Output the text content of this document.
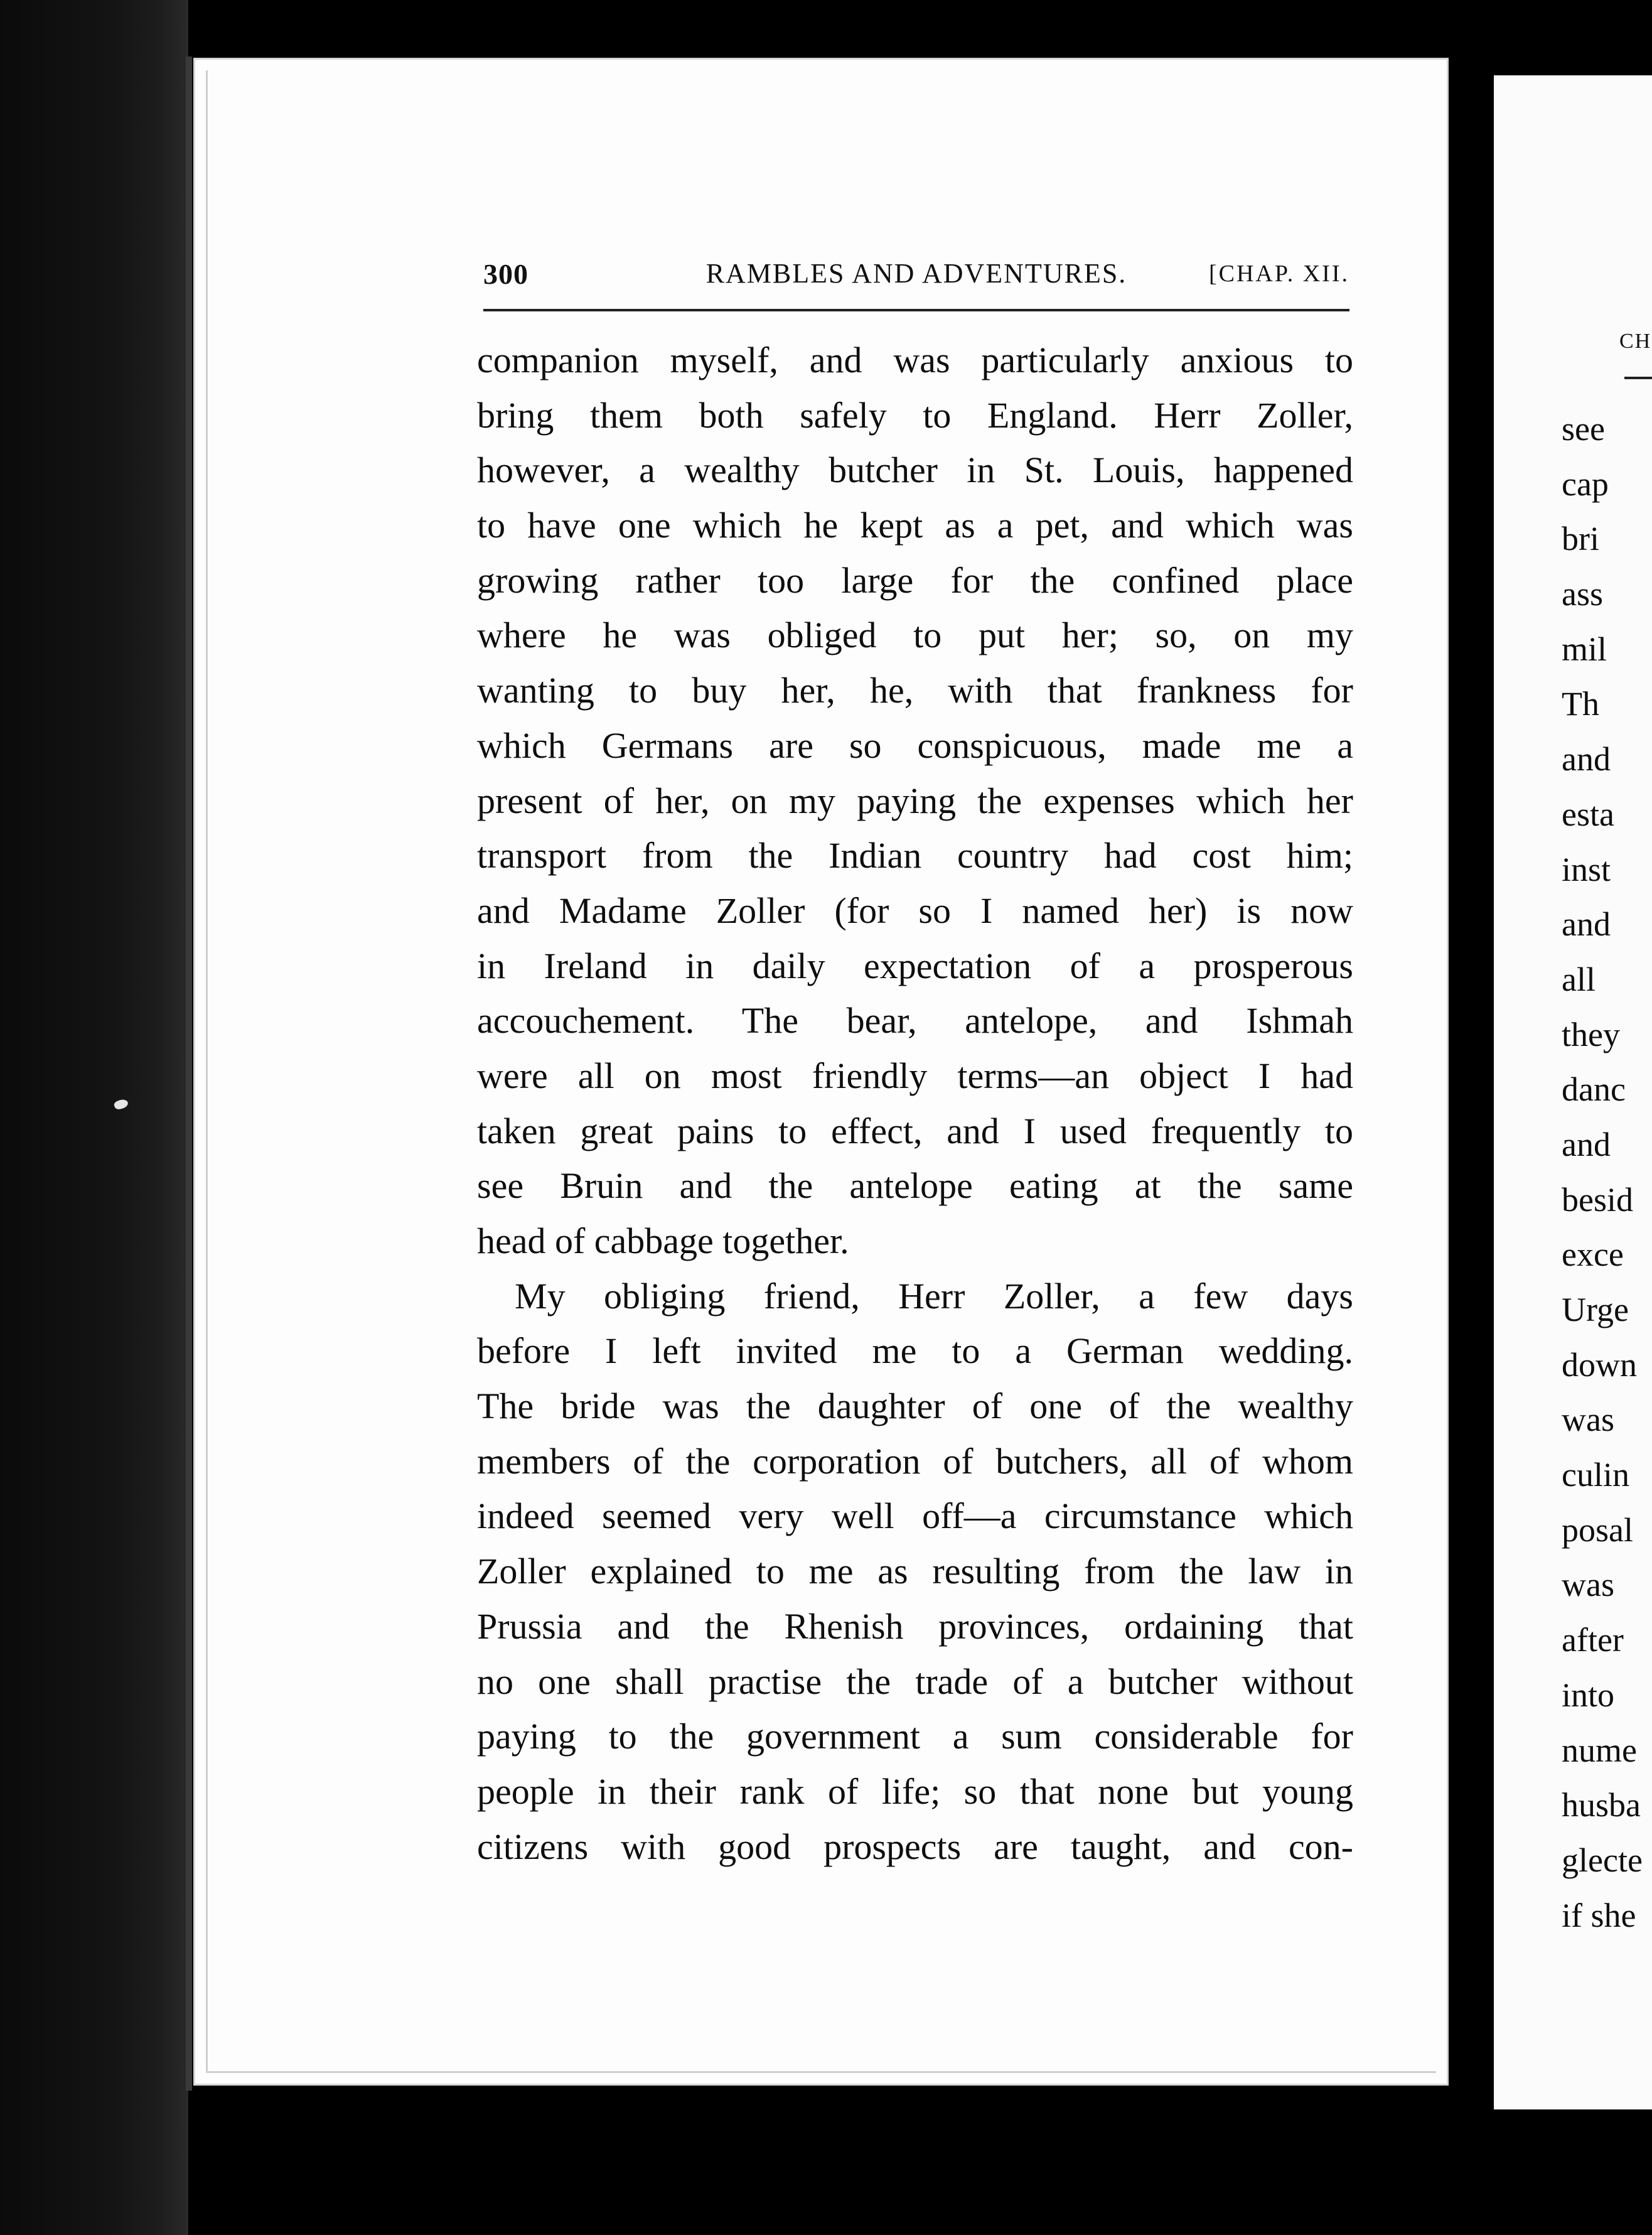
300	RAMBLES AND ADVENTURES.	[CHAP. XII.
companion myself, and was particularly anxious to
bring them both safely to England. Herr Zoller,
however, a wealthy butcher in St. Louis, happened
to have one which he kept as a pet, and which was
growing rather too large for the confined place
where he was obliged to put her; so, on my
wanting to buy her, he, with that frankness for
which Germans are so conspicuous, made me a
present of her, on my paying the expenses which her
transport from the Indian country had cost him;
and Madame Zoller (for so I named her) is now
in Ireland in daily expectation of a prosperous
accouchement. The bear, antelope, and Ishmah
were all on most friendly terms—an object I had
taken great pains to effect, and I used frequently to
see Bruin and the antelope eating at the same
head of cabbage together.
My obliging friend, Herr Zoller, a few days
before I left invited me to a German wedding.
The bride was the daughter of one of the wealthy
members of the corporation of butchers, all of whom
indeed seemed very well off—a circumstance which
Zoller explained to me as resulting from the law in
Prussia and the Rhenish provinces, ordaining that
no one shall practise the trade of a butcher without
paying to the government a sum considerable for
people in their rank of life; so that none but young
citizens with good prospects are taught, and con-
CH
see
cap
bri
ass
mil
Th
and
esta
inst
and
all
they
danc
and
besid
exce
Urge
down
was
culin
posal
was
after
into
nume
husba
glecte
if she
